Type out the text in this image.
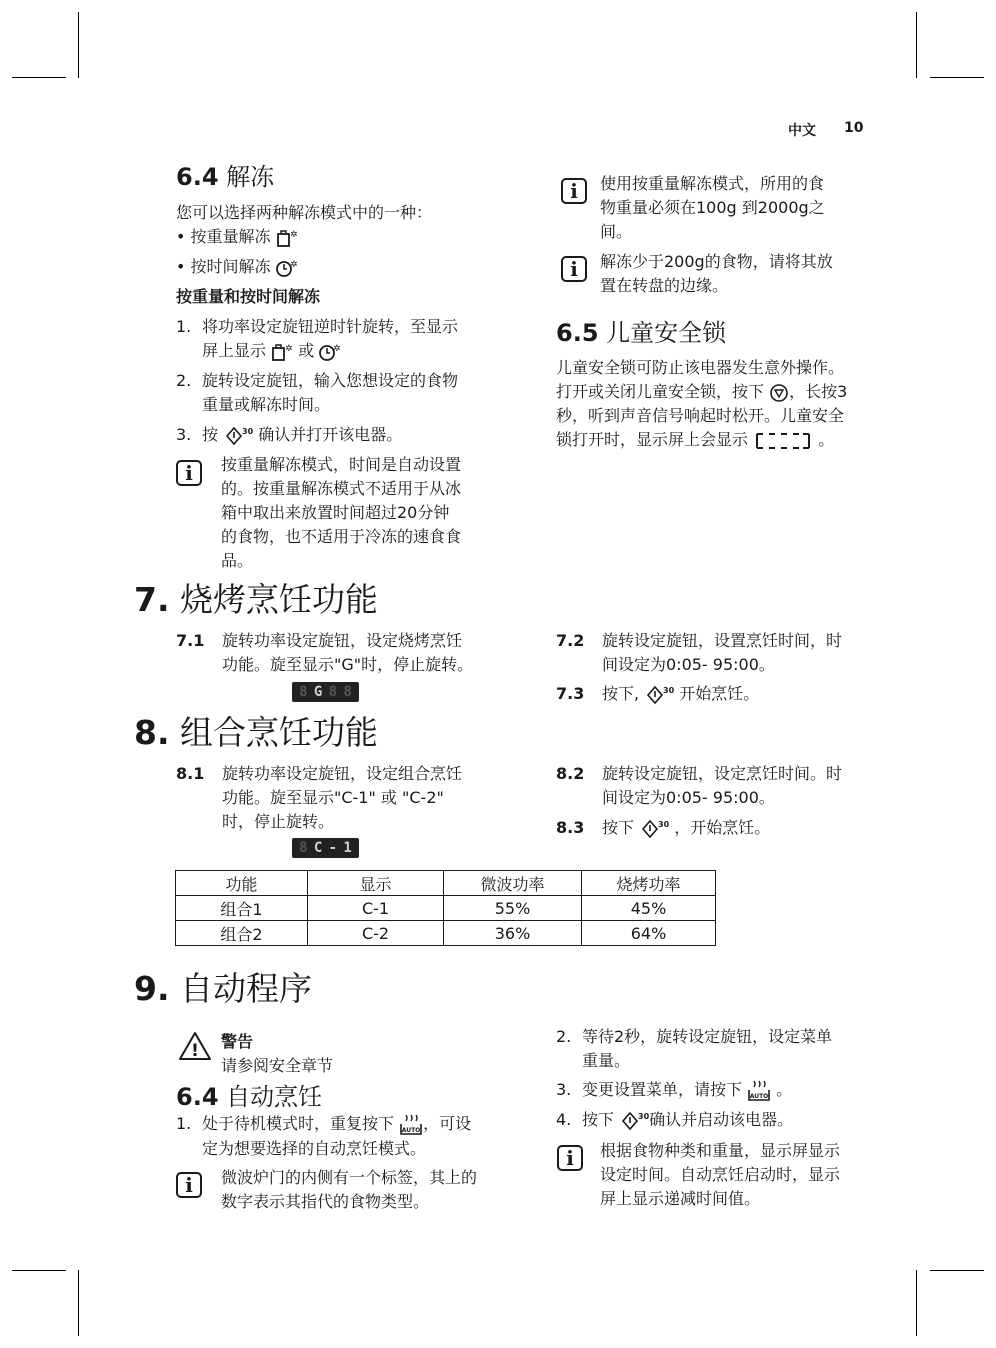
中文 10
6.4 解冻
您可以选择两种解冻模式中的一种：
• 按重量解冻 ✲
• 按时间解冻 ✲
按重量和按时间解冻
1. 将功率设定旋钮逆时针旋转，至显示
屏上显示 ✲ 或 ✲
2. 旋转设定旋钮，输入您想设定的食物
重量或解冻时间。
3. 按	30 确认并打开该电器。
i	按重量解冻模式，时间是自动设置
的。按重量解冻模式不适用于从冰
箱中取出来放置时间超过20分钟
的食物，也不适用于冷冻的速食食
品。
i	使用按重量解冻模式，所用的食
物重量必须在100g 到2000g之
间。
i	解冻少于200g的食物，请将其放
置在转盘的边缘。
6.5 儿童安全锁
儿童安全锁可防止该电器发生意外操作。
打开或关闭儿童安全锁，按下 ，长按3
秒，听到声音信号响起时松开。儿童安全
锁打开时，显示屏上会显示	。
7. 烧烤烹饪功能
7.1 旋转功率设定旋钮，设定烧烤烹饪
功能。旋至显示"G"时，停止旋转。
8 G 8 8
7.2 旋转设定旋钮，设置烹饪时间，时
间设定为0:05- 95:00。
7.3 按下,	30 开始烹饪。
8. 组合烹饪功能
8.1 旋转功率设定旋钮，设定组合烹饪
功能。旋至显示"C-1" 或 "C-2"
时，停止旋转。
8 C - 1
8.2 旋转设定旋钮，设定烹饪时间。时
间设定为0:05- 95:00。
8.3 按下	30 ，开始烹饪。
功能	显示	微波功率	烧烤功率
组合1	C-1	55%	45%
组合2	C-2	36%	64%
9. 自动程序
! 警告
请参阅安全章节
6.4 自动烹饪
1. 处于待机模式时，重复按下 AUTO ，可设
定为想要选择的自动烹饪模式。
i	微波炉门的内侧有一个标签，其上的
数字表示其指代的食物类型。
2. 等待2秒，旋转设定旋钮，设定菜单
重量。
3. 变更设置菜单，请按下 AUTO 。
4. 按下	30 确认并启动该电器。
i	根据食物种类和重量，显示屏显示
设定时间。自动烹饪启动时，显示
屏上显示递减时间值。
